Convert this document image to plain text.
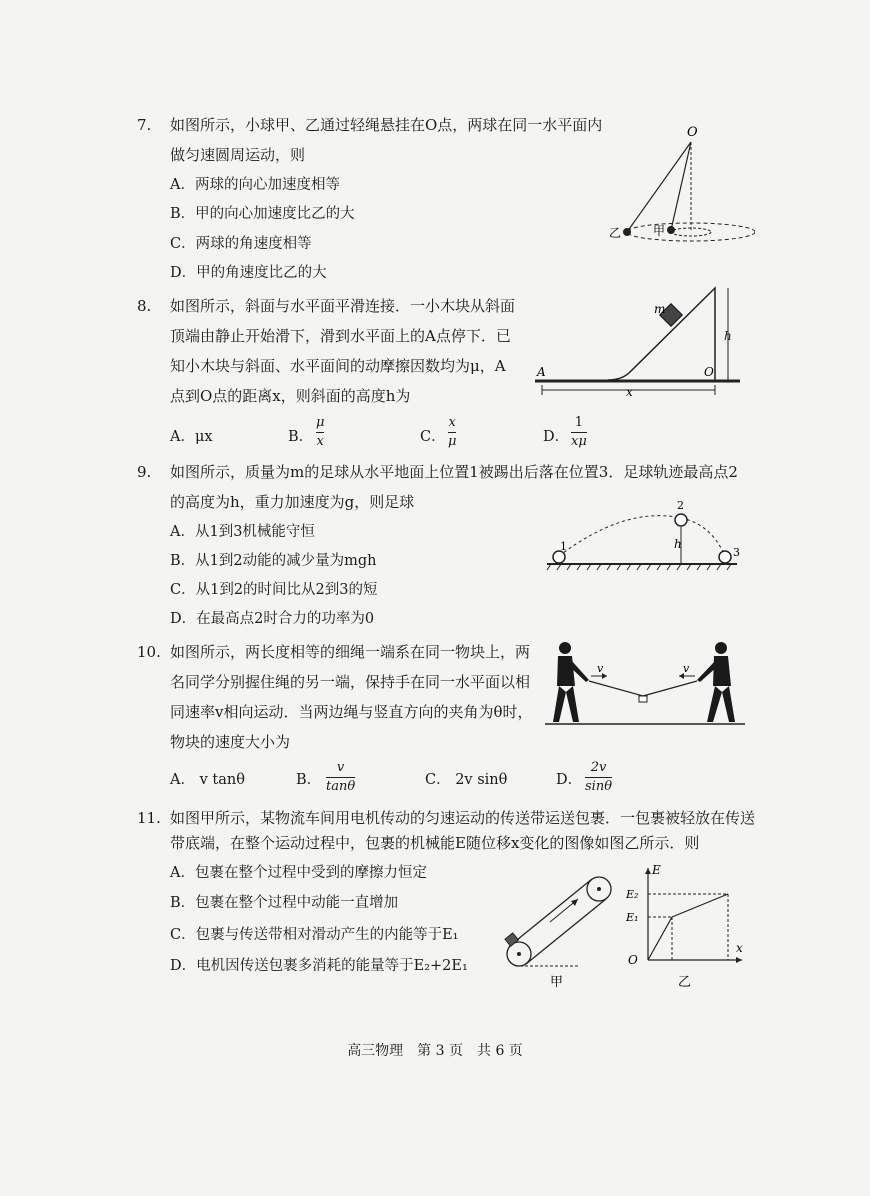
7. 如图所示，小球甲、乙通过轻绳悬挂在O点，两球在同一水平面内
做匀速圆周运动，则
A．两球的向心加速度相等
B．甲的向心加速度比乙的大
C．两球的角速度相等
D．甲的角速度比乙的大
O
乙	甲
8. 如图所示，斜面与水平面平滑连接．一小木块从斜面
顶端由静止开始滑下，滑到水平面上的A点停下．已
知小木块与斜面、水平面间的动摩擦因数均为μ，A
点到O点的距离x，则斜面的高度h为
A．μx	B．
μ
x	C．
x
μ	D．
1
xμ
m
h
A	O
x
9. 如图所示，质量为m的足球从水平地面上位置1被踢出后落在位置3．足球轨迹最高点2
的高度为h，重力加速度为g，则足球
A．从1到3机械能守恒
B．从1到2动能的减少量为mgh
C．从1到2的时间比从2到3的短
D．在最高点2时合力的功率为0
h
1
2
3
10. 如图所示，两长度相等的细绳一端系在同一物块上，两
名同学分别握住绳的另一端，保持手在同一水平面以相
同速率v相向运动．当两边绳与竖直方向的夹角为θ时，
物块的速度大小为
A． v tanθ	B．
v
tanθ	C． 2v sinθ	D．
2v
sinθ
v	v
11. 如图甲所示，某物流车间用电机传动的匀速运动的传送带运送包裹．一包裹被轻放在传送
带底端，在整个运动过程中，包裹的机械能E随位移x变化的图像如图乙所示．则
A．包裹在整个过程中受到的摩擦力恒定
B．包裹在整个过程中动能一直增加
C．包裹与传送带相对滑动产生的内能等于E₁
D．电机因传送包裹多消耗的能量等于E₂+2E₁
甲
E
x
O
E₂
E₁
乙
高三物理　第 3 页　共 6 页
